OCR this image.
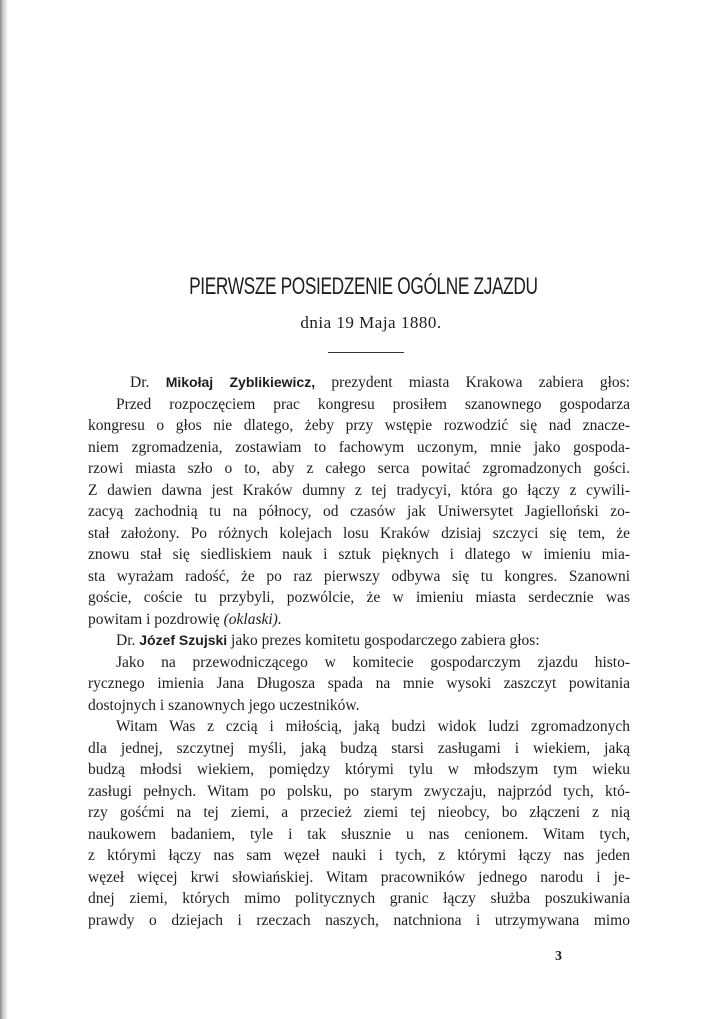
PIERWSZE POSIEDZENIE OGÓLNE ZJAZDU
dnia 19 Maja 1880.
Dr. Mikołaj Zyblikiewicz, prezydent miasta Krakowa zabiera głos:
Przed rozpoczęciem prac kongresu prosiłem szanownego gospodarza
kongresu o głos nie dlatego, żeby przy wstępie rozwodzić się nad znacze-
niem zgromadzenia, zostawiam to fachowym uczonym, mnie jako gospoda-
rzowi miasta szło o to, aby z całego serca powitać zgromadzonych gości.
Z dawien dawna jest Kraków dumny z tej tradycyi, która go łączy z cywili-
zacyą zachodnią tu na północy, od czasów jak Uniwersytet Jagielloński zo-
stał założony. Po różnych kolejach losu Kraków dzisiaj szczyci się tem, że
znowu stał się siedliskiem nauk i sztuk pięknych i dlatego w imieniu mia-
sta wyrażam radość, że po raz pierwszy odbywa się tu kongres. Szanowni
goście, coście tu przybyli, pozwólcie, że w imieniu miasta serdecznie was
powitam i pozdrowię (oklaski).
Dr. Józef Szujski jako prezes komitetu gospodarczego zabiera głos:
Jako na przewodniczącego w komitecie gospodarczym zjazdu histo-
rycznego imienia Jana Długosza spada na mnie wysoki zaszczyt powitania
dostojnych i szanownych jego uczestników.
Witam Was z czcią i miłością, jaką budzi widok ludzi zgromadzonych
dla jednej, szczytnej myśli, jaką budzą starsi zasługami i wiekiem, jaką
budzą młodsi wiekiem, pomiędzy którymi tylu w młodszym tym wieku
zasługi pełnych. Witam po polsku, po starym zwyczaju, najprzód tych, któ-
rzy gośćmi na tej ziemi, a przecież ziemi tej nieobcy, bo złączeni z nią
naukowem badaniem, tyle i tak słusznie u nas cenionem. Witam tych,
z którymi łączy nas sam węzeł nauki i tych, z którymi łączy nas jeden
węzeł więcej krwi słowiańskiej. Witam pracowników jednego narodu i je-
dnej ziemi, których mimo politycznych granic łączy służba poszukiwania
prawdy o dziejach i rzeczach naszych, natchniona i utrzymywana mimo
3
